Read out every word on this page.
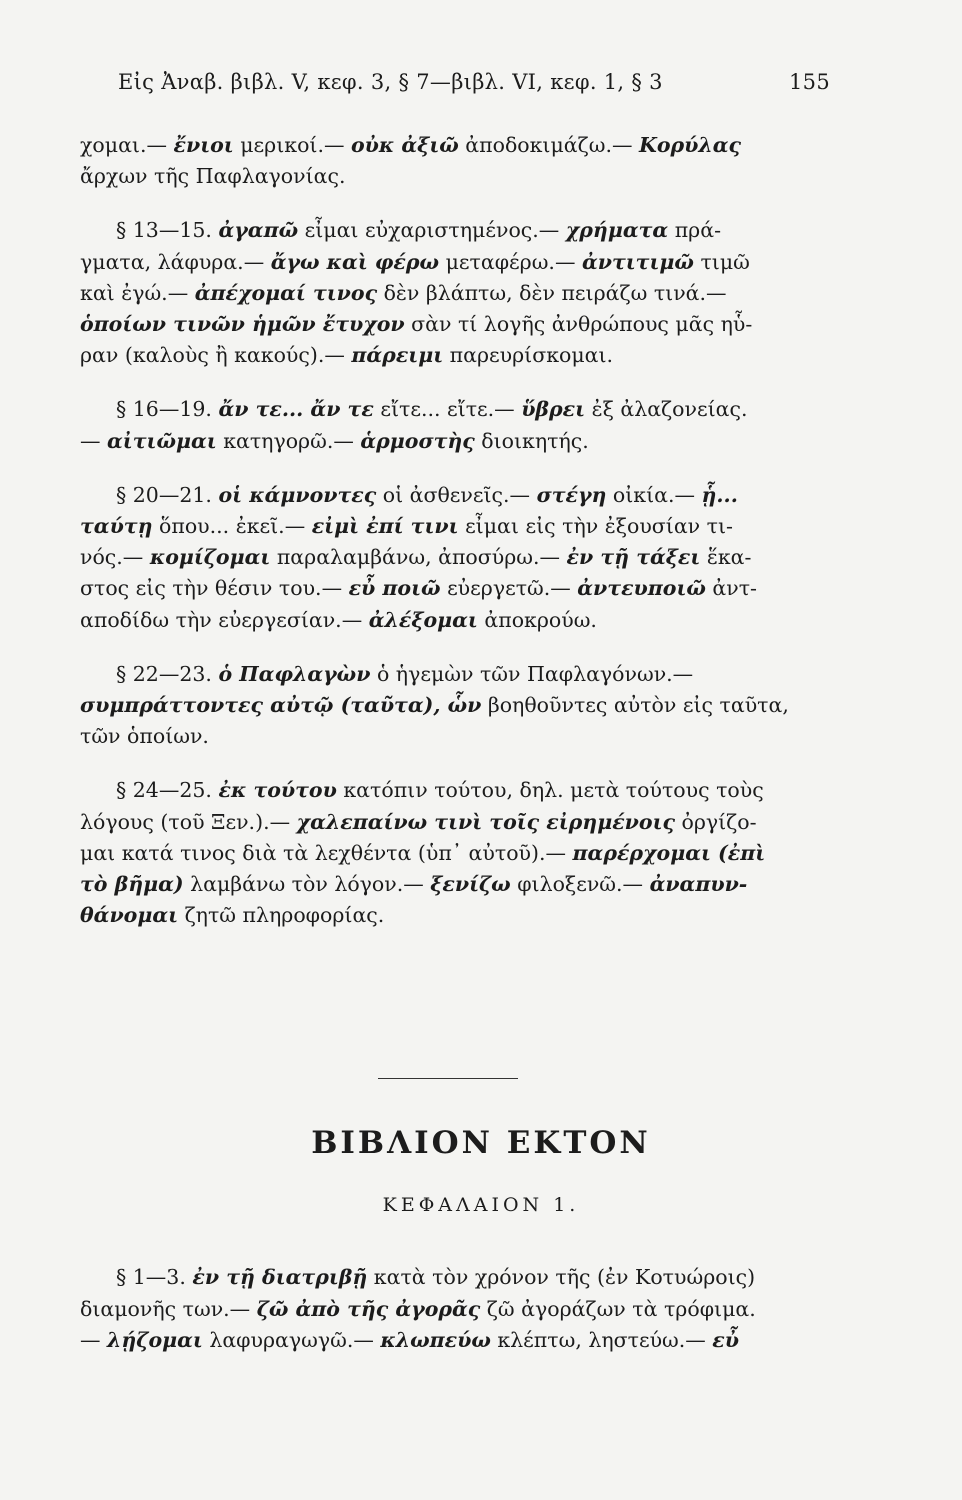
Εἰς Ἀναβ. βιβλ. V, κεφ. 3, § 7—βιβλ. VI, κεφ. 1, § 3	155
χομαι.— ἔνιοι μερικοί.— οὐκ ἀξιῶ ἀποδοκιμάζω.— Κορύλας
ἄρχων τῆς Παφλαγονίας.
§ 13—15. ἀγαπῶ εἶμαι εὐχαριστημένος.— χρήματα πρά-
γματα, λάφυρα.— ἄγω καὶ φέρω μεταφέρω.— ἀντιτιμῶ τιμῶ
καὶ ἐγώ.— ἀπέχομαί τινος δὲν βλάπτω, δὲν πειράζω τινά.—
ὁποίων τινῶν ἡμῶν ἔτυχον σὰν τί λογῆς ἀνθρώπους μᾶς ηὗ-
ραν (καλοὺς ἢ κακούς).— πάρειμι παρευρίσκομαι.
§ 16—19. ἄν τε... ἄν τε εἴτε... εἴτε.— ὕβρει ἐξ ἀλαζονείας.
— αἰτιῶμαι κατηγορῶ.— ἁρμοστὴς διοικητής.
§ 20—21. οἱ κάμνοντες οἱ ἀσθενεῖς.— στέγη οἰκία.— ᾗ...
ταύτῃ ὅπου... ἐκεῖ.— εἰμὶ ἐπί τινι εἶμαι εἰς τὴν ἐξουσίαν τι-
νός.— κομίζομαι παραλαμβάνω, ἀποσύρω.— ἐν τῇ τάξει ἕκα-
στος εἰς τὴν θέσιν του.— εὖ ποιῶ εὐεργετῶ.— ἀντευποιῶ ἀντ-
αποδίδω τὴν εὐεργεσίαν.— ἀλέξομαι ἀποκρούω.
§ 22—23. ὁ Παφλαγὼν ὁ ἡγεμὼν τῶν Παφλαγόνων.—
συμπράττοντες αὐτῷ (ταῦτα), ὧν βοηθοῦντες αὐτὸν εἰς ταῦτα,
τῶν ὁποίων.
§ 24—25. ἐκ τούτου κατόπιν τούτου, δηλ. μετὰ τούτους τοὺς
λόγους (τοῦ Ξεν.).— χαλεπαίνω τινὶ τοῖς εἰρημένοις ὀργίζο-
μαι κατά τινος διὰ τὰ λεχθέντα (ὑπ᾽ αὐτοῦ).— παρέρχομαι (ἐπὶ
τὸ βῆμα) λαμβάνω τὸν λόγον.— ξενίζω φιλοξενῶ.— ἀναπυν-
θάνομαι ζητῶ πληροφορίας.
ΒΙΒΛΙΟΝ ΕΚΤΟΝ
ΚΕΦΑΛΑΙΟΝ 1.
§ 1—3. ἐν τῇ διατριβῇ κατὰ τὸν χρόνον τῆς (ἐν Κοτυώροις)
διαμονῆς των.— ζῶ ἀπὸ τῆς ἀγορᾶς ζῶ ἀγοράζων τὰ τρόφιμα.
— λῄζομαι λαφυραγωγῶ.— κλωπεύω κλέπτω, ληστεύω.— εὖ
